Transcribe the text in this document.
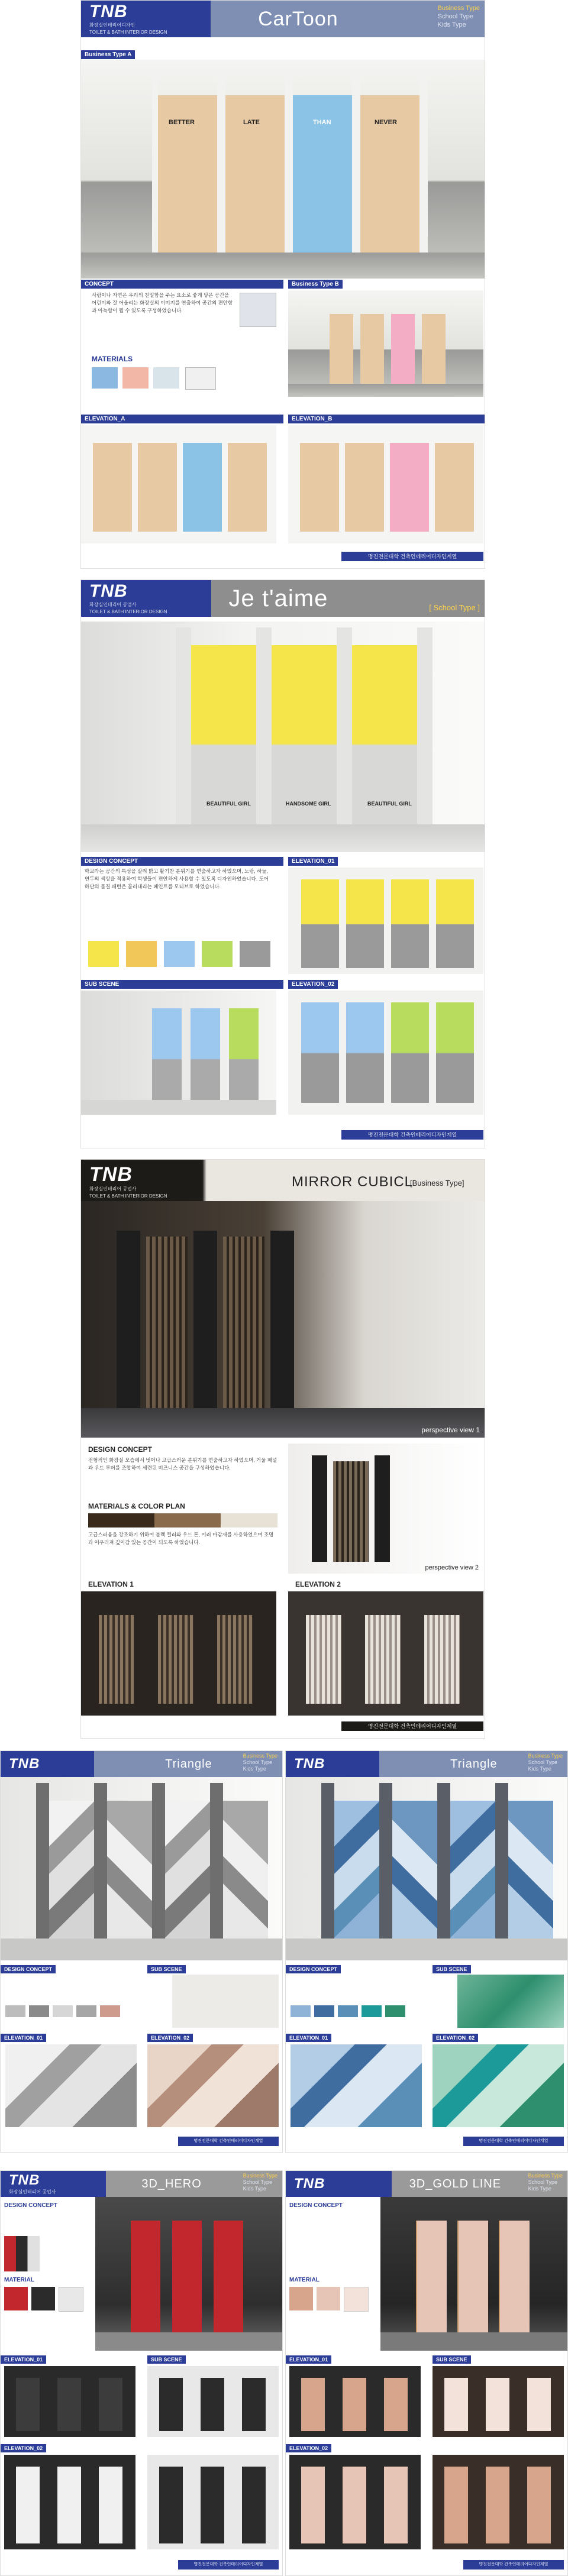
TNB
화장실인테리어디자인
TOILET & BATH INTERIOR DESIGN
CarToon	Business Type
School Type
Kids Type
Business Type A
BETTER	LATE	THAN	NEVER
CONCEPT
사람이나 자연은 우리의 친밀함을 주는 요소로 좋게 닿은 공간을 어린이와 잘 어울리는 화장실의 이미지를 연출하여 공간의 편안함과 아늑함이 될 수 있도록 구성하였습니다.
MATERIALS
Business Type B
ELEVATION_A	ELEVATION_B
명진전문대학 건축인테리어디자인계열
TNB
화장실인테리어 공업사
TOILET & BATH INTERIOR DESIGN
Je t'aime	[ School Type ]
BEAUTIFUL GIRL	HANDSOME GIRL	BEAUTIFUL GIRL
DESIGN CONCEPT
학교라는 공간의 특성을 살려 밝고 활기찬 분위기를 연출하고자 하였으며, 노랑, 하늘, 연두의 색상을 적용하여 학생들이 편안하게 사용할 수 있도록 디자인하였습니다. 도어 하단의 물결 패턴은 흘러내리는 페인트를 모티브로 하였습니다.
ELEVATION_01
SUB SCENE	ELEVATION_02
명진전문대학 건축인테리어디자인계열
TNB
화장실인테리어 공업사
TOILET & BATH INTERIOR DESIGN
MIRROR CUBICL
[Business Type]
perspective view 1
DESIGN CONCEPT
전형적인 화장실 모습에서 벗어나 고급스러운 분위기를 연출하고자 하였으며, 거울 패널과 우드 루버를 조합하여 세련된 비즈니스 공간을 구성하였습니다.
MATERIALS & COLOR PLAN
고급스러움을 강조하기 위하여 블랙 컬러와 우드 톤, 미러 마감재를 사용하였으며 조명과 어우러져 깊이감 있는 공간이 되도록 하였습니다.
perspective view 2
ELEVATION 1	ELEVATION 2
명진전문대학 건축인테리어디자인계열
TNB	Triangle
Business Type
School Type
Kids Type
DESIGN CONCEPT	SUB SCENE
ELEVATION_01	ELEVATION_02
명진전문대학 건축인테리어디자인계열
TNB	Triangle
Business Type
School Type
Kids Type
DESIGN CONCEPT	SUB SCENE
ELEVATION_01	ELEVATION_02
명진전문대학 건축인테리어디자인계열
TNB
화장실인테리어 공업사
3D_HERO
Business Type
School Type
Kids Type
DESIGN CONCEPT
MATERIAL
ELEVATION_01	SUB SCENE
ELEVATION_02
명진전문대학 건축인테리어디자인계열
TNB	3D_GOLD LINE
Business Type
School Type
Kids Type
DESIGN CONCEPT
MATERIAL
ELEVATION_01	SUB SCENE
ELEVATION_02
명진전문대학 건축인테리어디자인계열
